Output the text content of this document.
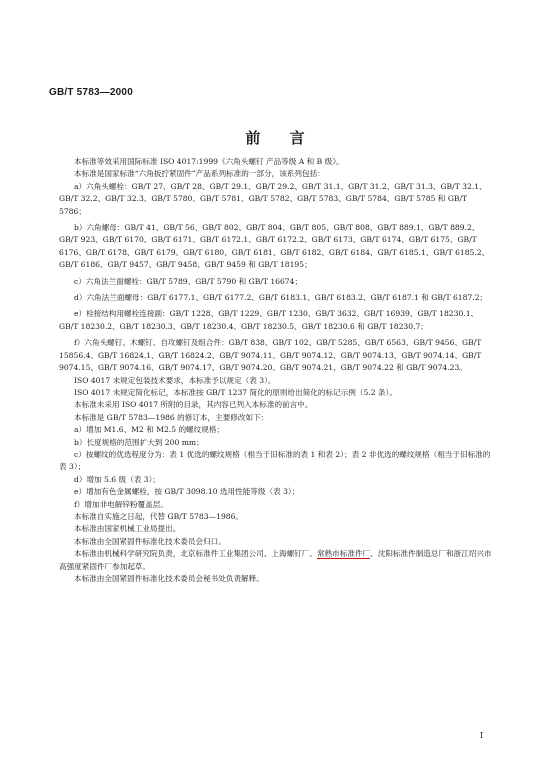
GB/T 5783—2000
前 言

本标准等效采用国际标准 ISO 4017:1999《六角头螺钉 产品等级 A 和 B 级》。

本标准是国家标准“六角扳拧紧固件”产品系列标准的一部分，该系列包括：

a）六角头螺栓：GB/T 27、GB/T 28、GB/T 29.1、GB/T 29.2、GB/T 31.1、GB/T 31.2、GB/T 31.3、GB/T 32.1、GB/T 32.2、GB/T 32.3、GB/T 5780、GB/T 5781、GB/T 5782、GB/T 5783、GB/T 5784、GB/T 5785 和 GB/T 5786；

b）六角螺母：GB/T 41、GB/T 56、GB/T 802、GB/T 804、GB/T 805、GB/T 808、GB/T 889.1、GB/T 889.2、GB/T 923、GB/T 6170、GB/T 6171、GB/T 6172.1、GB/T 6172.2、GB/T 6173、GB/T 6174、GB/T 6175、GB/T 6176、GB/T 6178、GB/T 6179、GB/T 6180、GB/T 6181、GB/T 6182、GB/T 6184、GB/T 6185.1、GB/T 6185.2、GB/T 6186、GB/T 9457、GB/T 9458、GB/T 9459 和 GB/T 18195；

c）六角法兰面螺栓：GB/T 5789、GB/T 5790 和 GB/T 16674；

d）六角法兰面螺母：GB/T 6177.1、GB/T 6177.2、GB/T 6183.1、GB/T 6183.2、GB/T 6187.1 和 GB/T 6187.2；

e）栓接结构用螺栓连接副：GB/T 1228、GB/T 1229、GB/T 1230、GB/T 3632、GB/T 16939、GB/T 18230.1、GB/T 18230.2、GB/T 18230.3、GB/T 18230.4、GB/T 18230.5、GB/T 18230.6 和 GB/T 18230.7；

f）六角头螺钉、木螺钉、自攻螺钉及组合件：GB/T 838、GB/T 102、GB/T 5285、GB/T 6563、GB/T 9456、GB/T 15856.4、GB/T 16824.1、GB/T 16824.2、GB/T 9074.11、GB/T 9074.12、GB/T 9074.13、GB/T 9074.14、GB/T 9074.15、GB/T 9074.16、GB/T 9074.17、GB/T 9074.20、GB/T 9074.21、GB/T 9074.22 和 GB/T 9074.23。

ISO 4017 未规定包装技术要求，本标准予以规定（表 3）。

ISO 4017 未规定简化标记，本标准按 GB/T 1237 简化的原则给出简化的标记示例（5.2 条）。

本标准未采用 ISO 4017 所附的目录，其内容已列入本标准的前言中。

本标准是 GB/T 5783—1986 的修订本，主要修改如下：

a）增加 M1.6、M2 和 M2.5 的螺纹规格；

b）长度规格的范围扩大到 200 mm；

c）按螺纹的优选程度分为：表 1 优选的螺纹规格（相当于旧标准的表 1 和表 2）；表 2 非优选的螺纹规格（相当于旧标准的表 3）；

d）增加 5.6 级（表 3）；

e）增加有色金属螺栓，按 GB/T 3098.10 选用性能等级（表 3）；

f）增加非电解锌粉覆盖层。

本标准自实施之日起，代替 GB/T 5783—1986。

本标准由国家机械工业局提出。

本标准由全国紧固件标准化技术委员会归口。

本标准由机械科学研究院负责，北京标准件工业集团公司、上海螺钉厂、常熟市标准件厂、沈阳标准件制造总厂和浙江绍兴市高强度紧固件厂参加起草。

本标准由全国紧固件标准化技术委员会秘书处负责解释。

I
